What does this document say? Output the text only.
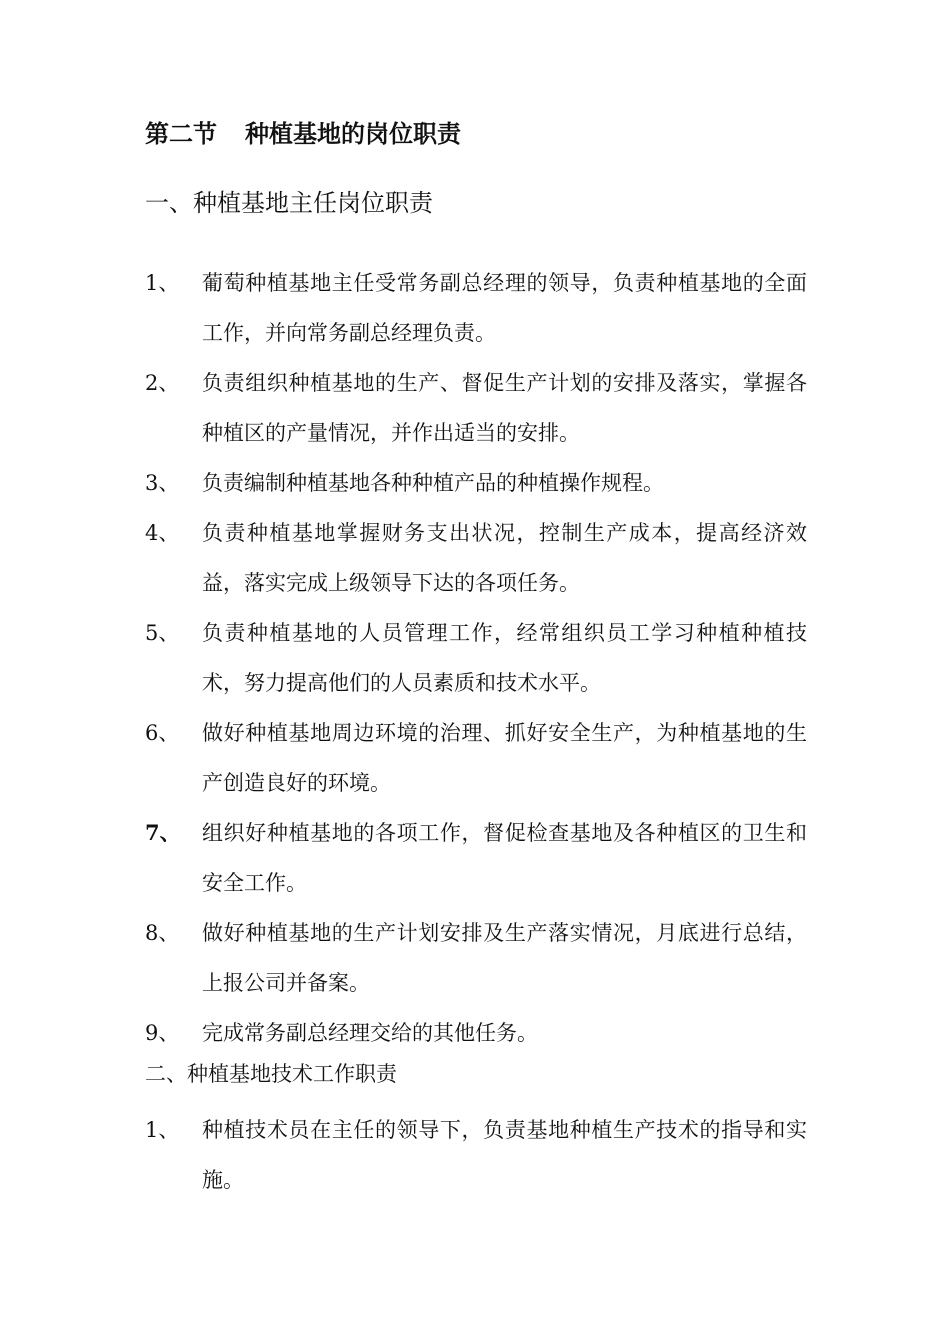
第二节 种植基地的岗位职责
一、种植基地主任岗位职责
1、	葡萄种植基地主任受常务副总经理的领导，负责种植基地的全面工作，并向常务副总经理负责。
2、	负责组织种植基地的生产、督促生产计划的安排及落实，掌握各种植区的产量情况，并作出适当的安排。
3、	负责编制种植基地各种种植产品的种植操作规程。
4、	负责种植基地掌握财务支出状况，控制生产成本，提高经济效益，落实完成上级领导下达的各项任务。
5、	负责种植基地的人员管理工作，经常组织员工学习种植种植技术，努力提高他们的人员素质和技术水平。
6、	做好种植基地周边环境的治理、抓好安全生产，为种植基地的生产创造良好的环境。
7、	组织好种植基地的各项工作，督促检查基地及各种植区的卫生和安全工作。
8、	做好种植基地的生产计划安排及生产落实情况，月底进行总结，上报公司并备案。
9、	完成常务副总经理交给的其他任务。
二、种植基地技术工作职责
1、	种植技术员在主任的领导下，负责基地种植生产技术的指导和实施。
